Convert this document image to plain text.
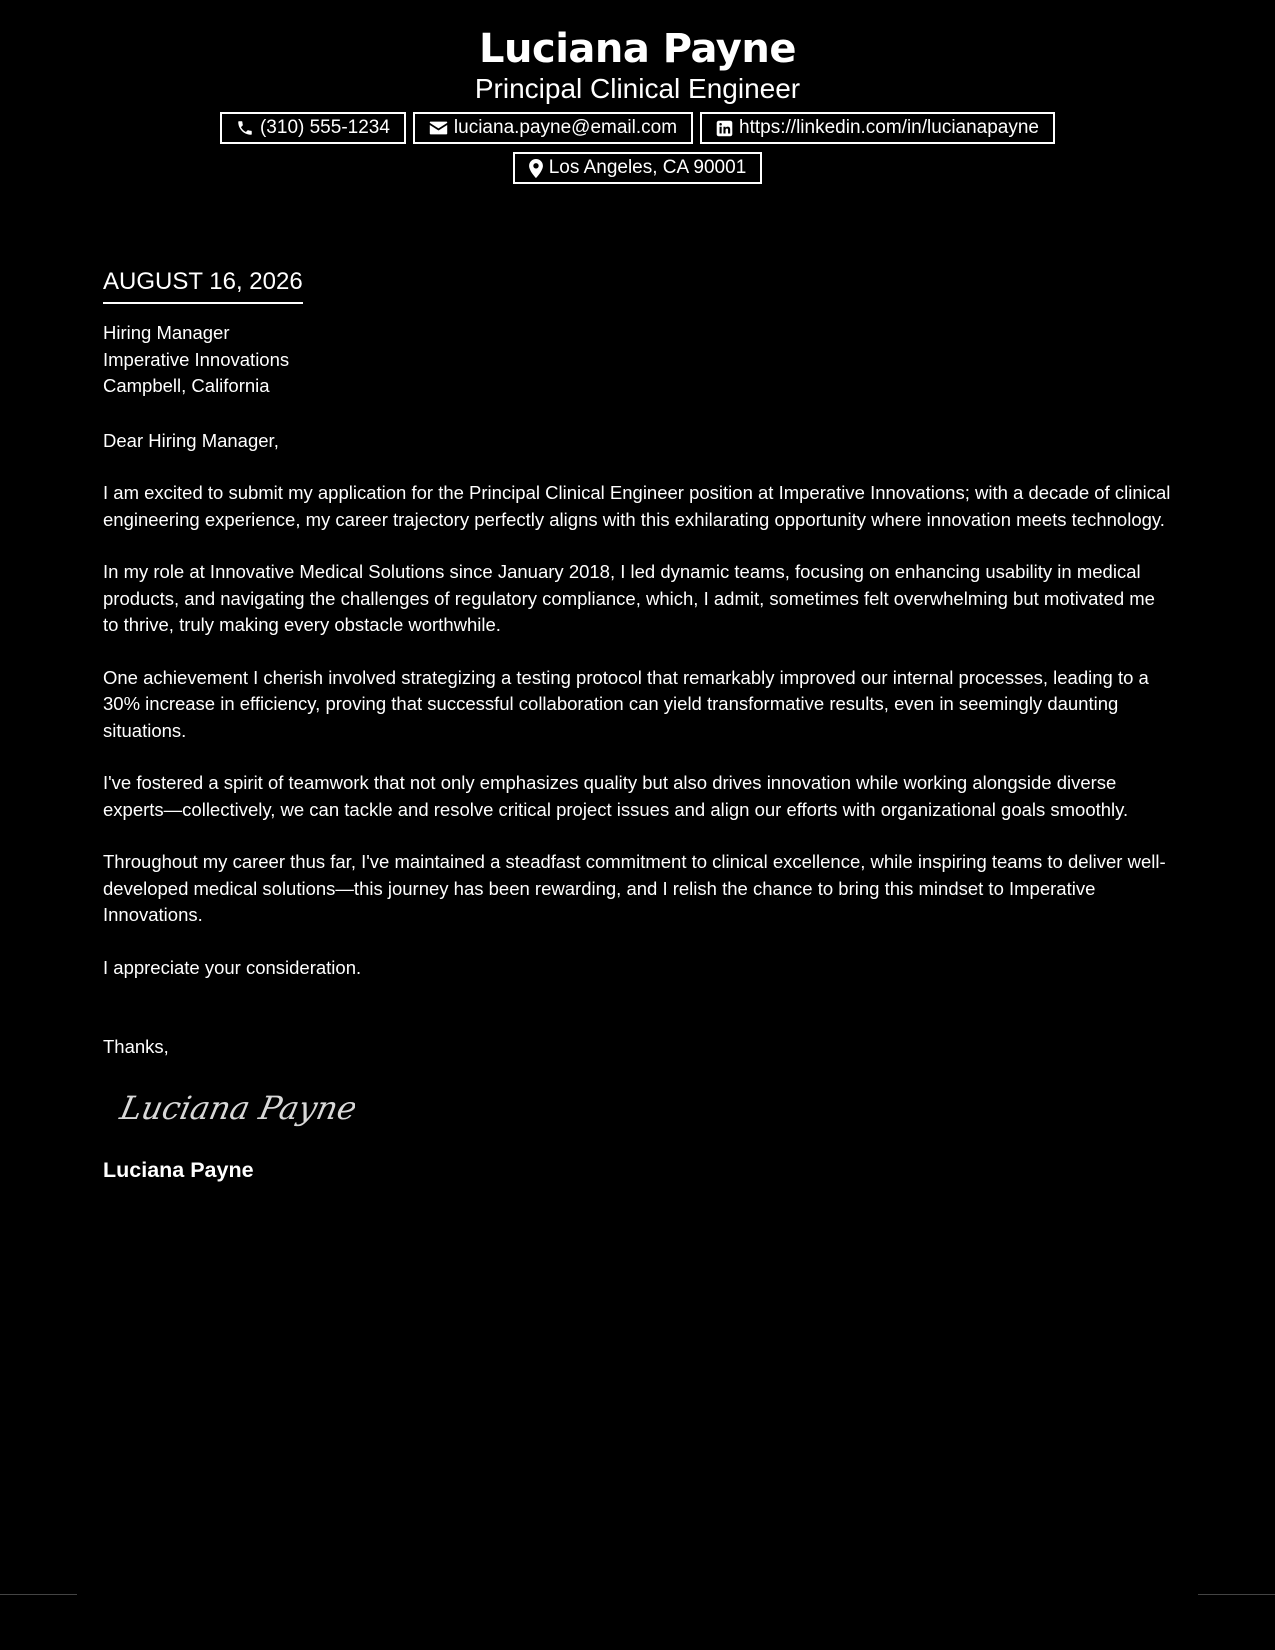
Luciana Payne
Principal Clinical Engineer
(310) 555-1234	luciana.payne@email.com	https://linkedin.com/in/lucianapayne
Los Angeles, CA 90001
AUGUST 16, 2026
Hiring Manager
Imperative Innovations
Campbell, California
Dear Hiring Manager,

I am excited to submit my application for the Principal Clinical Engineer position at Imperative Innovations; with a decade of clinical engineering experience, my career trajectory perfectly aligns with this exhilarating opportunity where innovation meets technology.

In my role at Innovative Medical Solutions since January 2018, I led dynamic teams, focusing on enhancing usability in medical products, and navigating the challenges of regulatory compliance, which, I admit, sometimes felt overwhelming but motivated me to thrive, truly making every obstacle worthwhile.

One achievement I cherish involved strategizing a testing protocol that remarkably improved our internal processes, leading to a 30% increase in efficiency, proving that successful collaboration can yield transformative results, even in seemingly daunting situations.

I've fostered a spirit of teamwork that not only emphasizes quality but also drives innovation while working alongside diverse experts—collectively, we can tackle and resolve critical project issues and align our efforts with organizational goals smoothly.

Throughout my career thus far, I've maintained a steadfast commitment to clinical excellence, while inspiring teams to deliver well-developed medical solutions—this journey has been rewarding, and I relish the chance to bring this mindset to Imperative Innovations.

I appreciate your consideration.

Thanks,
Luciana Payne
Luciana Payne
